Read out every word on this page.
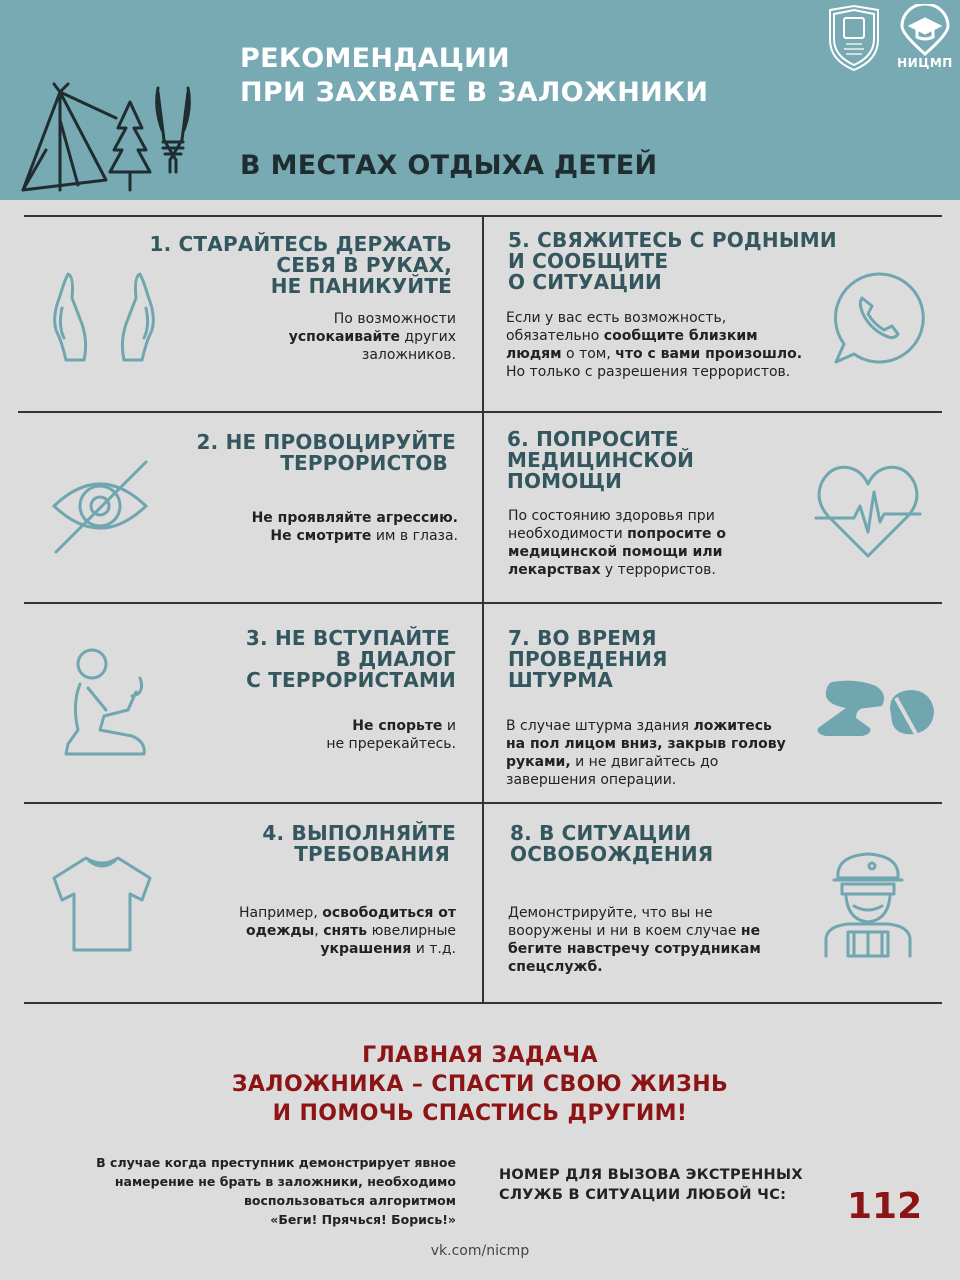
РЕКОМЕНДАЦИИ
ПРИ ЗАХВАТЕ В ЗАЛОЖНИКИ
В МЕСТАХ ОТДЫХА ДЕТЕЙ
НИЦМП
1. СТАРАЙТЕСЬ ДЕРЖАТЬ
СЕБЯ В РУКАХ,
НЕ ПАНИКУЙТЕ
По возможности
успокаивайте других
заложников.
2. НЕ ПРОВОЦИРУЙТЕ
ТЕРРОРИСТОВ
Не проявляйте агрессию.
Не смотрите им в глаза.
3. НЕ ВСТУПАЙТЕ
В ДИАЛОГ
С ТЕРРОРИСТАМИ
Не спорьте и
не пререкайтесь.
4. ВЫПОЛНЯЙТЕ
ТРЕБОВАНИЯ
Например, освободиться от
одежды, снять ювелирные
украшения и т.д.
5. СВЯЖИТЕСЬ С РОДНЫМИ
И СООБЩИТЕ
О СИТУАЦИИ
Если у вас есть возможность,
обязательно сообщите близким
людям о том, что с вами произошло.
Но только с разрешения террористов.
6. ПОПРОСИТЕ
МЕДИЦИНСКОЙ
ПОМОЩИ
По состоянию здоровья при
необходимости попросите о
медицинской помощи или
лекарствах у террористов.
7. ВО ВРЕМЯ
ПРОВЕДЕНИЯ
ШТУРМА
В случае штурма здания ложитесь
на пол лицом вниз, закрыв голову
руками, и не двигайтесь до
завершения операции.
8. В СИТУАЦИИ
ОСВОБОЖДЕНИЯ
Демонстрируйте, что вы не
вооружены и ни в коем случае не
бегите навстречу сотрудникам
спецслужб.
ГЛАВНАЯ ЗАДАЧА
ЗАЛОЖНИКА – СПАСТИ СВОЮ ЖИЗНЬ
И ПОМОЧЬ СПАСТИСЬ ДРУГИМ!
В случае когда преступник демонстрирует явное
намерение не брать в заложники, необходимо
воспользоваться алгоритмом
«Беги! Прячься! Борись!»
НОМЕР ДЛЯ ВЫЗОВА ЭКСТРЕННЫХ
СЛУЖБ В СИТУАЦИИ ЛЮБОЙ ЧС:	112
vk.com/nicmp
